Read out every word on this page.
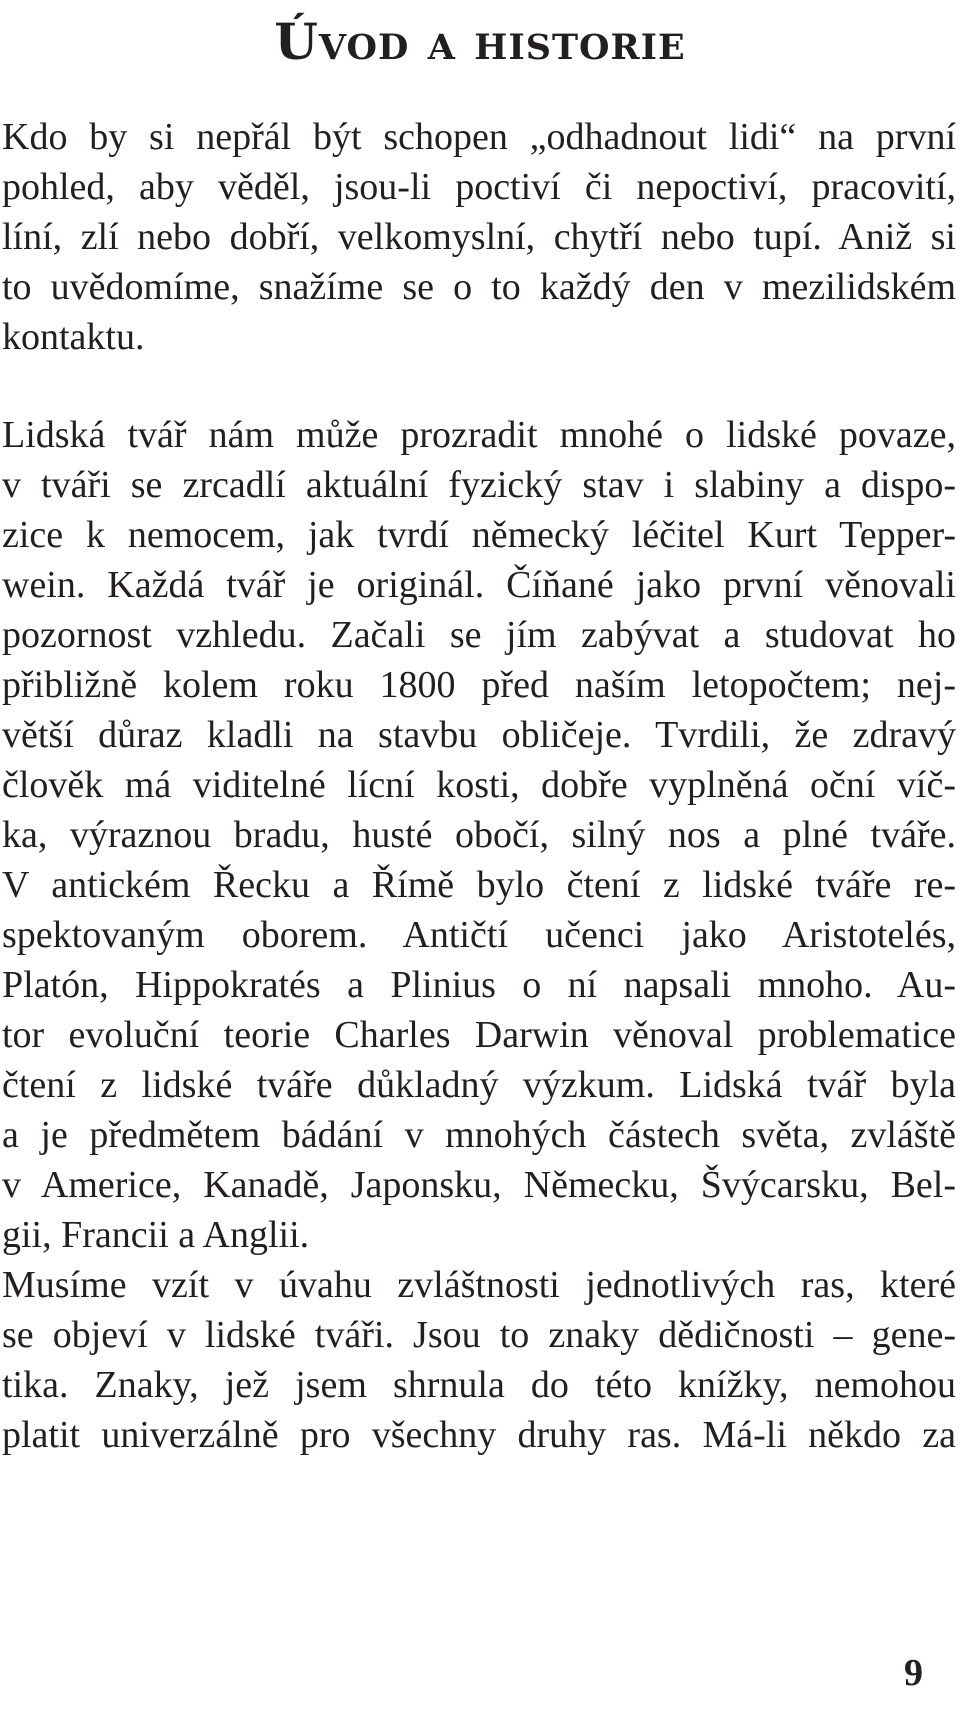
Úvod a historie

Kdo by si nepřál být schopen „odhadnout lidi“ na první

pohled, aby věděl, jsou-li poctiví či nepoctiví, pracovití,

líní, zlí nebo dobří, velkomyslní, chytří nebo tupí. Aniž si

to uvědomíme, snažíme se o to každý den v mezilidském

kontaktu.

Lidská tvář nám může prozradit mnohé o lidské povaze,

v tváři se zrcadlí aktuální fyzický stav i slabiny a dispo-

zice k nemocem, jak tvrdí německý léčitel Kurt Tepper-

wein. Každá tvář je originál. Číňané jako první věnovali

pozornost vzhledu. Začali se jím zabývat a studovat ho

přibližně kolem roku 1800 před naším letopočtem; nej-

větší důraz kladli na stavbu obličeje. Tvrdili, že zdravý

člověk má viditelné lícní kosti, dobře vyplněná oční víč-

ka, výraznou bradu, husté obočí, silný nos a plné tváře.

V antickém Řecku a Římě bylo čtení z lidské tváře re-

spektovaným oborem. Antičtí učenci jako Aristotelés,

Platón, Hippokratés a Plinius o ní napsali mnoho. Au-

tor evoluční teorie Charles Darwin věnoval problematice

čtení z lidské tváře důkladný výzkum. Lidská tvář byla

a je předmětem bádání v mnohých částech světa, zvláště

v Americe, Kanadě, Japonsku, Německu, Švýcarsku, Bel-

gii, Francii a Anglii.

Musíme vzít v úvahu zvláštnosti jednotlivých ras, které

se objeví v lidské tváři. Jsou to znaky dědičnosti – gene-

tika. Znaky, jež jsem shrnula do této knížky, nemohou

platit univerzálně pro všechny druhy ras. Má-li někdo za

9
